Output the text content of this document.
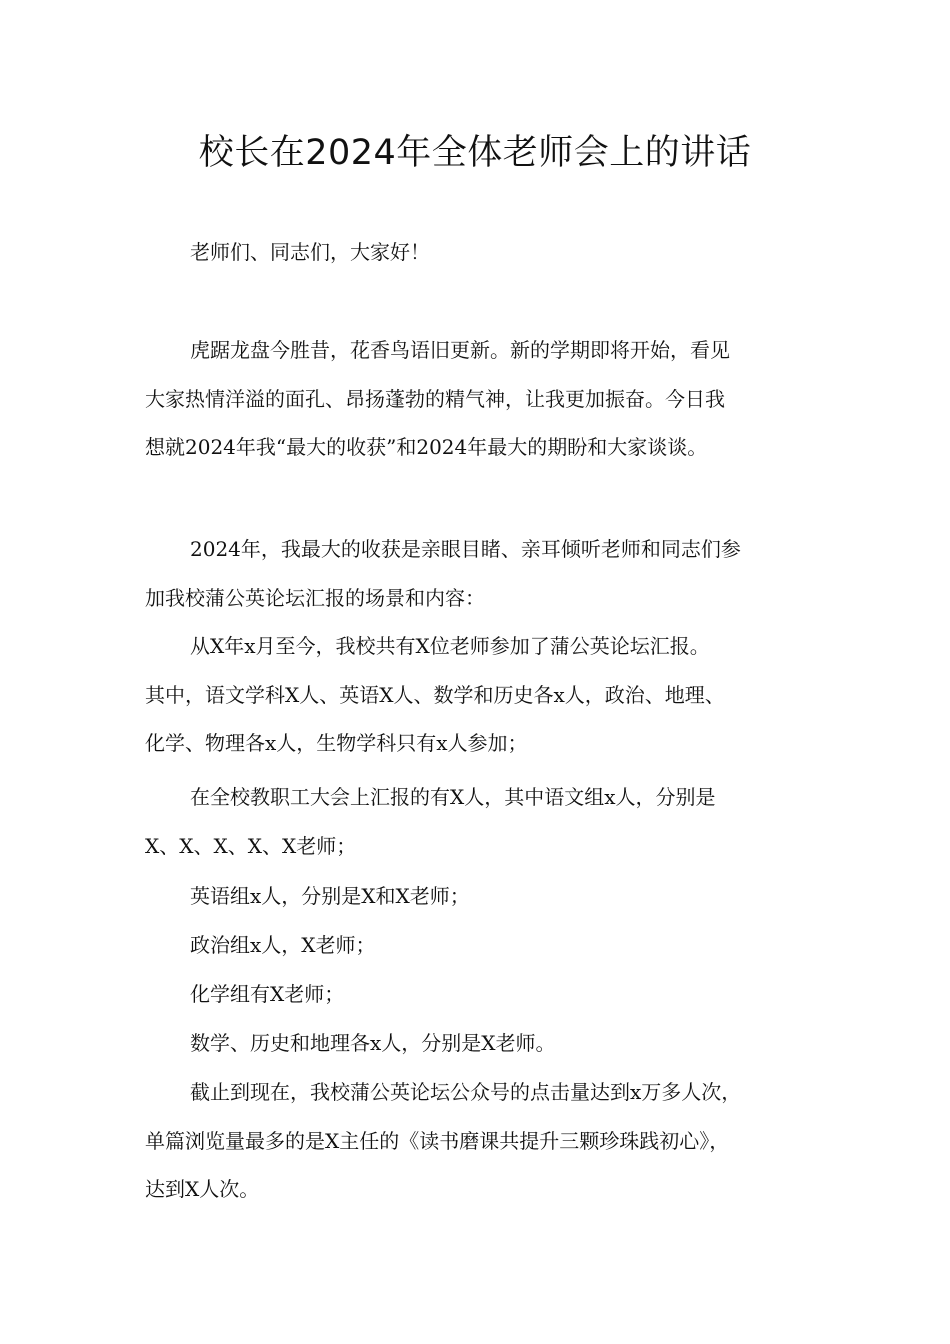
校长在2024年全体老师会上的讲话

老师们、同志们，大家好！

虎踞龙盘今胜昔，花香鸟语旧更新。新的学期即将开始，看见
大家热情洋溢的面孔、昂扬蓬勃的精气神，让我更加振奋。今日我
想就2024年我“最大的收获”和2024年最大的期盼和大家谈谈。

2024年，我最大的收获是亲眼目睹、亲耳倾听老师和同志们参
加我校蒲公英论坛汇报的场景和内容：

从X年x月至今，我校共有X位老师参加了蒲公英论坛汇报。
其中，语文学科X人、英语X人、数学和历史各x人，政治、地理、
化学、物理各x人，生物学科只有x人参加；

在全校教职工大会上汇报的有X人，其中语文组x人，分别是
X、X、X、X、X老师；

英语组x人，分别是X和X老师；

政治组x人，X老师；

化学组有X老师；

数学、历史和地理各x人，分别是X老师。

截止到现在，我校蒲公英论坛公众号的点击量达到x万多人次，
单篇浏览量最多的是X主任的《读书磨课共提升三颗珍珠践初心》，
达到X人次。
